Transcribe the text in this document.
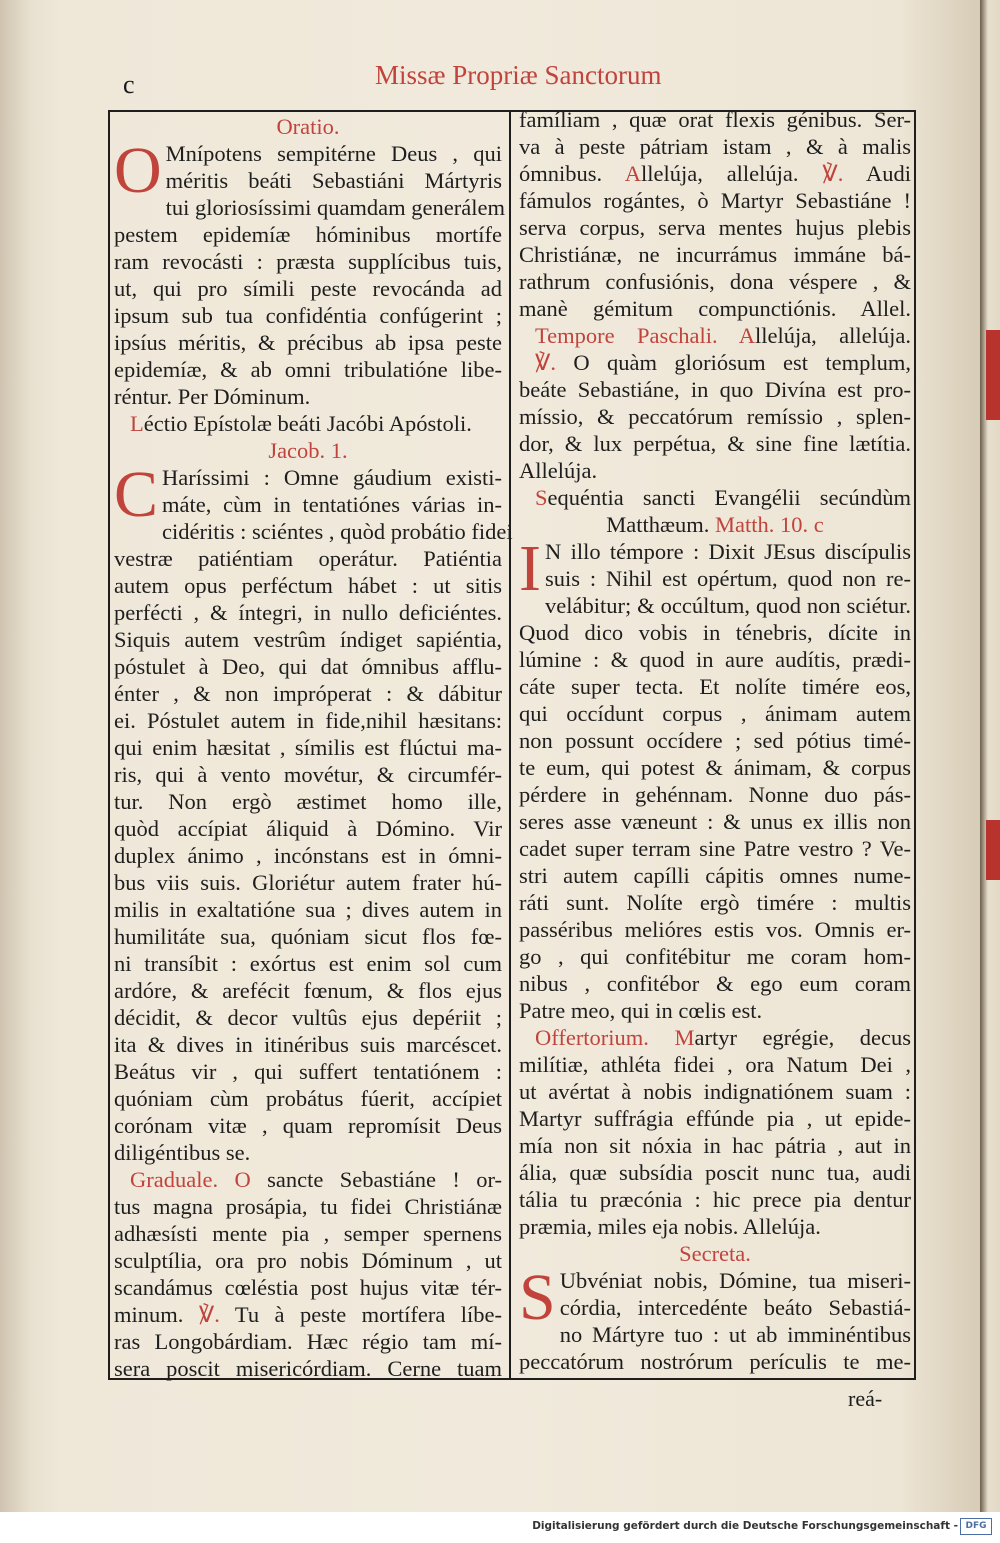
c	Missæ Propriæ Sanctorum
Oratio.
O Mnípotens sempitérne Deus , qui
méritis beáti Sebastiáni Mártyris
tui gloriosíssimi quamdam generálem
pestem epidemíæ hóminibus mortífe
ram revocásti : præsta supplícibus tuis,
ut, qui pro símili peste revocánda ad
ipsum sub tua confidéntia confúgerint ;
ipsíus méritis, & précibus ab ipsa peste
epidemíæ, & ab omni tribulatióne libe-
réntur. Per Dóminum.
Léctio Epístolæ beáti Jacóbi Apóstoli.
Jacob. 1.
C Haríssimi : Omne gáudium existi-
máte, cùm in tentatiónes várias in-
cidéritis : sciéntes , quòd probátio fidei
vestræ patiéntiam operátur. Patiéntia
autem opus perféctum hábet : ut sitis
perfécti , & íntegri, in nullo deficiéntes.
Siquis autem vestrûm índiget sapiéntia,
póstulet à Deo, qui dat ómnibus afflu-
énter , & non impróperat : & dábitur
ei. Póstulet autem in fide,nihil hæsitans:
qui enim hæsitat , símilis est flúctui ma-
ris, qui à vento movétur, & circumfér-
tur. Non ergò æstimet homo ille,
quòd accípiat áliquid à Dómino. Vir
duplex ánimo , incónstans est in ómni-
bus viis suis. Gloriétur autem frater hú-
milis in exaltatióne sua ; dives autem in
humilitáte sua, quóniam sicut flos fœ-
ni transíbit : exórtus est enim sol cum
ardóre, & arefécit fœnum, & flos ejus
décidit, & decor vultûs ejus depériit ;
ita & dives in itinéribus suis marcéscet.
Beátus vir , qui suffert tentatiónem :
quóniam cùm probátus fúerit, accípiet
corónam vitæ , quam repromísit Deus
diligéntibus se.
Graduale. O sancte Sebastiáne ! or-
tus magna prosápia, tu fidei Christiánæ
adhæsísti mente pia , semper spernens
sculptília, ora pro nobis Dóminum , ut
scandámus cœléstia post hujus vitæ tér-
minum. ℣. Tu à peste mortífera líbe-
ras Longobárdiam. Hæc régio tam mí-
sera poscit misericórdiam. Cerne tuam
famíliam , quæ orat flexis génibus. Ser-
va à peste pátriam istam , & à malis
ómnibus. Allelúja, allelúja. ℣. Audi
fámulos rogántes, ò Martyr Sebastiáne !
serva corpus, serva mentes hujus plebis
Christiánæ, ne incurrámus immáne bá-
rathrum confusiónis, dona véspere , &
manè gémitum compunctiónis. Allel.
Tempore Paschali. Allelúja, allelúja.
℣. O quàm gloriósum est templum,
beáte Sebastiáne, in quo Divína est pro-
míssio, & peccatórum remíssio , splen-
dor, & lux perpétua, & sine fine lætítia.
Allelúja.
Sequéntia sancti Evangélii secúndùm
Matthæum. Matth. 10. c
I N illo témpore : Dixit JEsus discípulis
suis : Nihil est opértum, quod non re-
velábitur; & occúltum, quod non sciétur.
Quod dico vobis in ténebris, dícite in
lúmine : & quod in aure audítis, prædi-
cáte super tecta. Et nolíte timére eos,
qui occídunt corpus , ánimam autem
non possunt occídere ; sed pótius timé-
te eum, qui potest & ánimam, & corpus
pérdere in gehénnam. Nonne duo pás-
seres asse væneunt : & unus ex illis non
cadet super terram sine Patre vestro ? Ve-
stri autem capílli cápitis omnes nume-
ráti sunt. Nolíte ergò timére : multis
passéribus melióres estis vos. Omnis er-
go , qui confitébitur me coram hom-
nibus , confitébor & ego eum coram
Patre meo, qui in cœlis est.
Offertorium. Martyr egrégie, decus
milítiæ, athléta fidei , ora Natum Dei ,
ut avértat à nobis indignatiónem suam :
Martyr suffrágia effúnde pia , ut epide-
mía non sit nóxia in hac pátria , aut in
ália, quæ subsídia poscit nunc tua, audi
tália tu præcónia : hic prece pia dentur
præmia, miles eja nobis. Allelúja.
Secreta.
S Ubvéniat nobis, Dómine, tua miseri-
córdia, intercedénte beáto Sebastiá-
no Mártyre tuo : ut ab imminéntibus
peccatórum nostrórum perículis te me-
reá-
Digitalisierung gefördert durch die Deutsche Forschungsgemeinschaft - DFG
